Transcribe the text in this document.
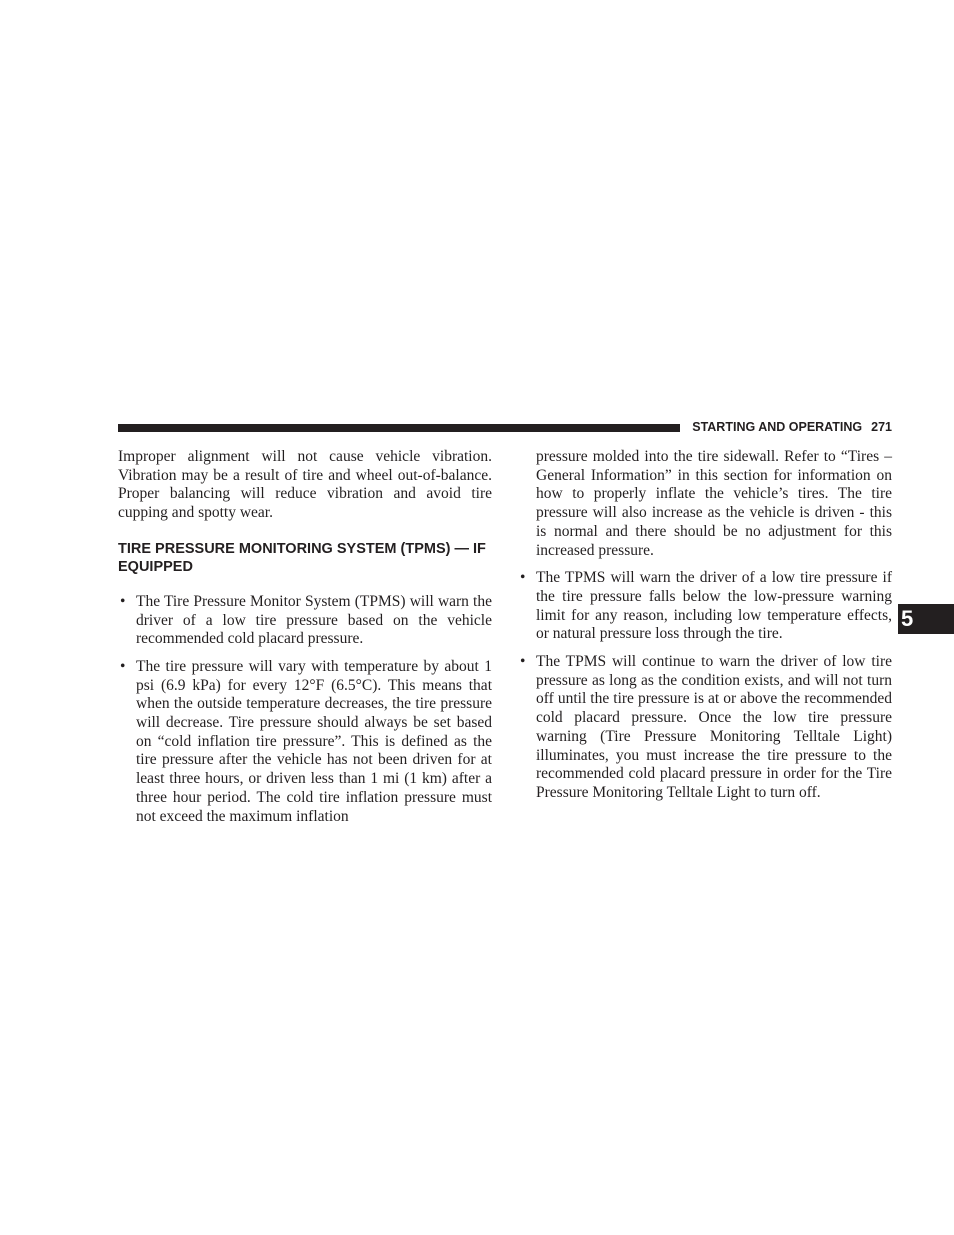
STARTING AND OPERATING 271

Improper alignment will not cause vehicle vibration. Vibration may be a result of tire and wheel out-of-balance. Proper balancing will reduce vibration and avoid tire cupping and spotty wear.

TIRE PRESSURE MONITORING SYSTEM (TPMS) — IF EQUIPPED

• The Tire Pressure Monitor System (TPMS) will warn the driver of a low tire pressure based on the vehicle recommended cold placard pressure.

• The tire pressure will vary with temperature by about 1 psi (6.9 kPa) for every 12°F (6.5°C). This means that when the outside temperature decreases, the tire pressure will decrease. Tire pressure should always be set based on “cold inflation tire pressure”. This is defined as the tire pressure after the vehicle has not been driven for at least three hours, or driven less than 1 mi (1 km) after a three hour period. The cold tire inflation pressure must not exceed the maximum inflation

pressure molded into the tire sidewall. Refer to “Tires – General Information” in this section for information on how to properly inflate the vehicle’s tires. The tire pressure will also increase as the vehicle is driven - this is normal and there should be no adjustment for this increased pressure.

• The TPMS will warn the driver of a low tire pressure if the tire pressure falls below the low-pressure warning limit for any reason, including low temperature effects, or natural pressure loss through the tire.

• The TPMS will continue to warn the driver of low tire pressure as long as the condition exists, and will not turn off until the tire pressure is at or above the recommended cold placard pressure. Once the low tire pressure warning (Tire Pressure Monitoring Telltale Light) illuminates, you must increase the tire pressure to the recommended cold placard pressure in order for the Tire Pressure Monitoring Telltale Light to turn off.

5
